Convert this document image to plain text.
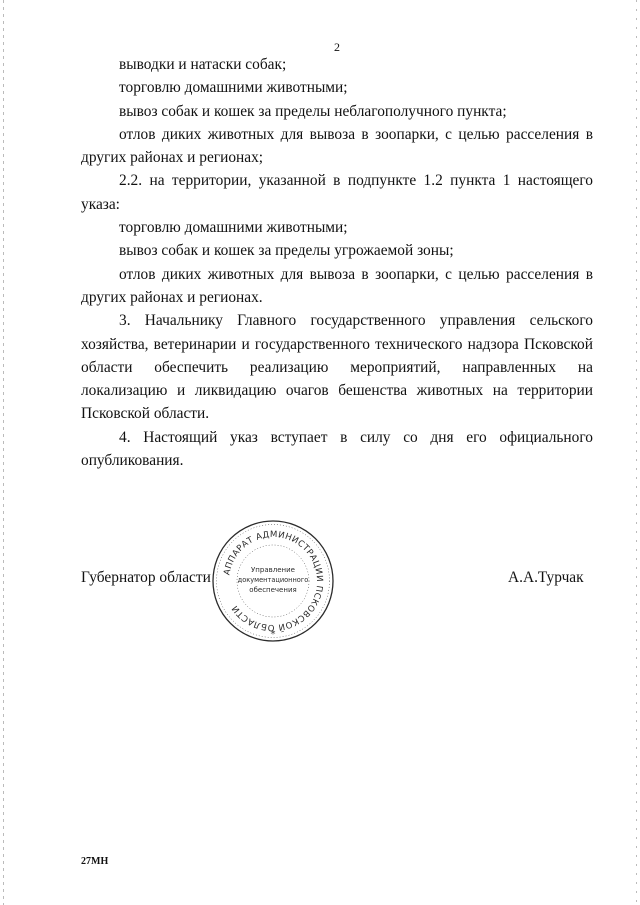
2

выводки и натаски собак;

торговлю домашними животными;

вывоз собак и кошек за пределы неблагополучного пункта;

отлов диких животных для вывоза в зоопарки, с целью расселения в других районах и регионах;

2.2. на территории, указанной в подпункте 1.2 пункта 1 настоящего указа:

торговлю домашними животными;

вывоз собак и кошек за пределы угрожаемой зоны;

отлов диких животных для вывоза в зоопарки, с целью расселения в других районах и регионах.

3. Начальнику Главного государственного управления сельского хозяйства, ветеринарии и государственного технического надзора Псковской области обеспечить реализацию мероприятий, направленных на локализацию и ликвидацию очагов бешенства животных на территории Псковской области.

4. Настоящий указ вступает в силу со дня его официального опубликования.

Губернатор области	А.А.Турчак
АППАРАТ АДМИНИСТРАЦИИ ПСКОВСКОЙ ОБЛАСТИ
Управление
документационного
обеспечения
*
27МН
